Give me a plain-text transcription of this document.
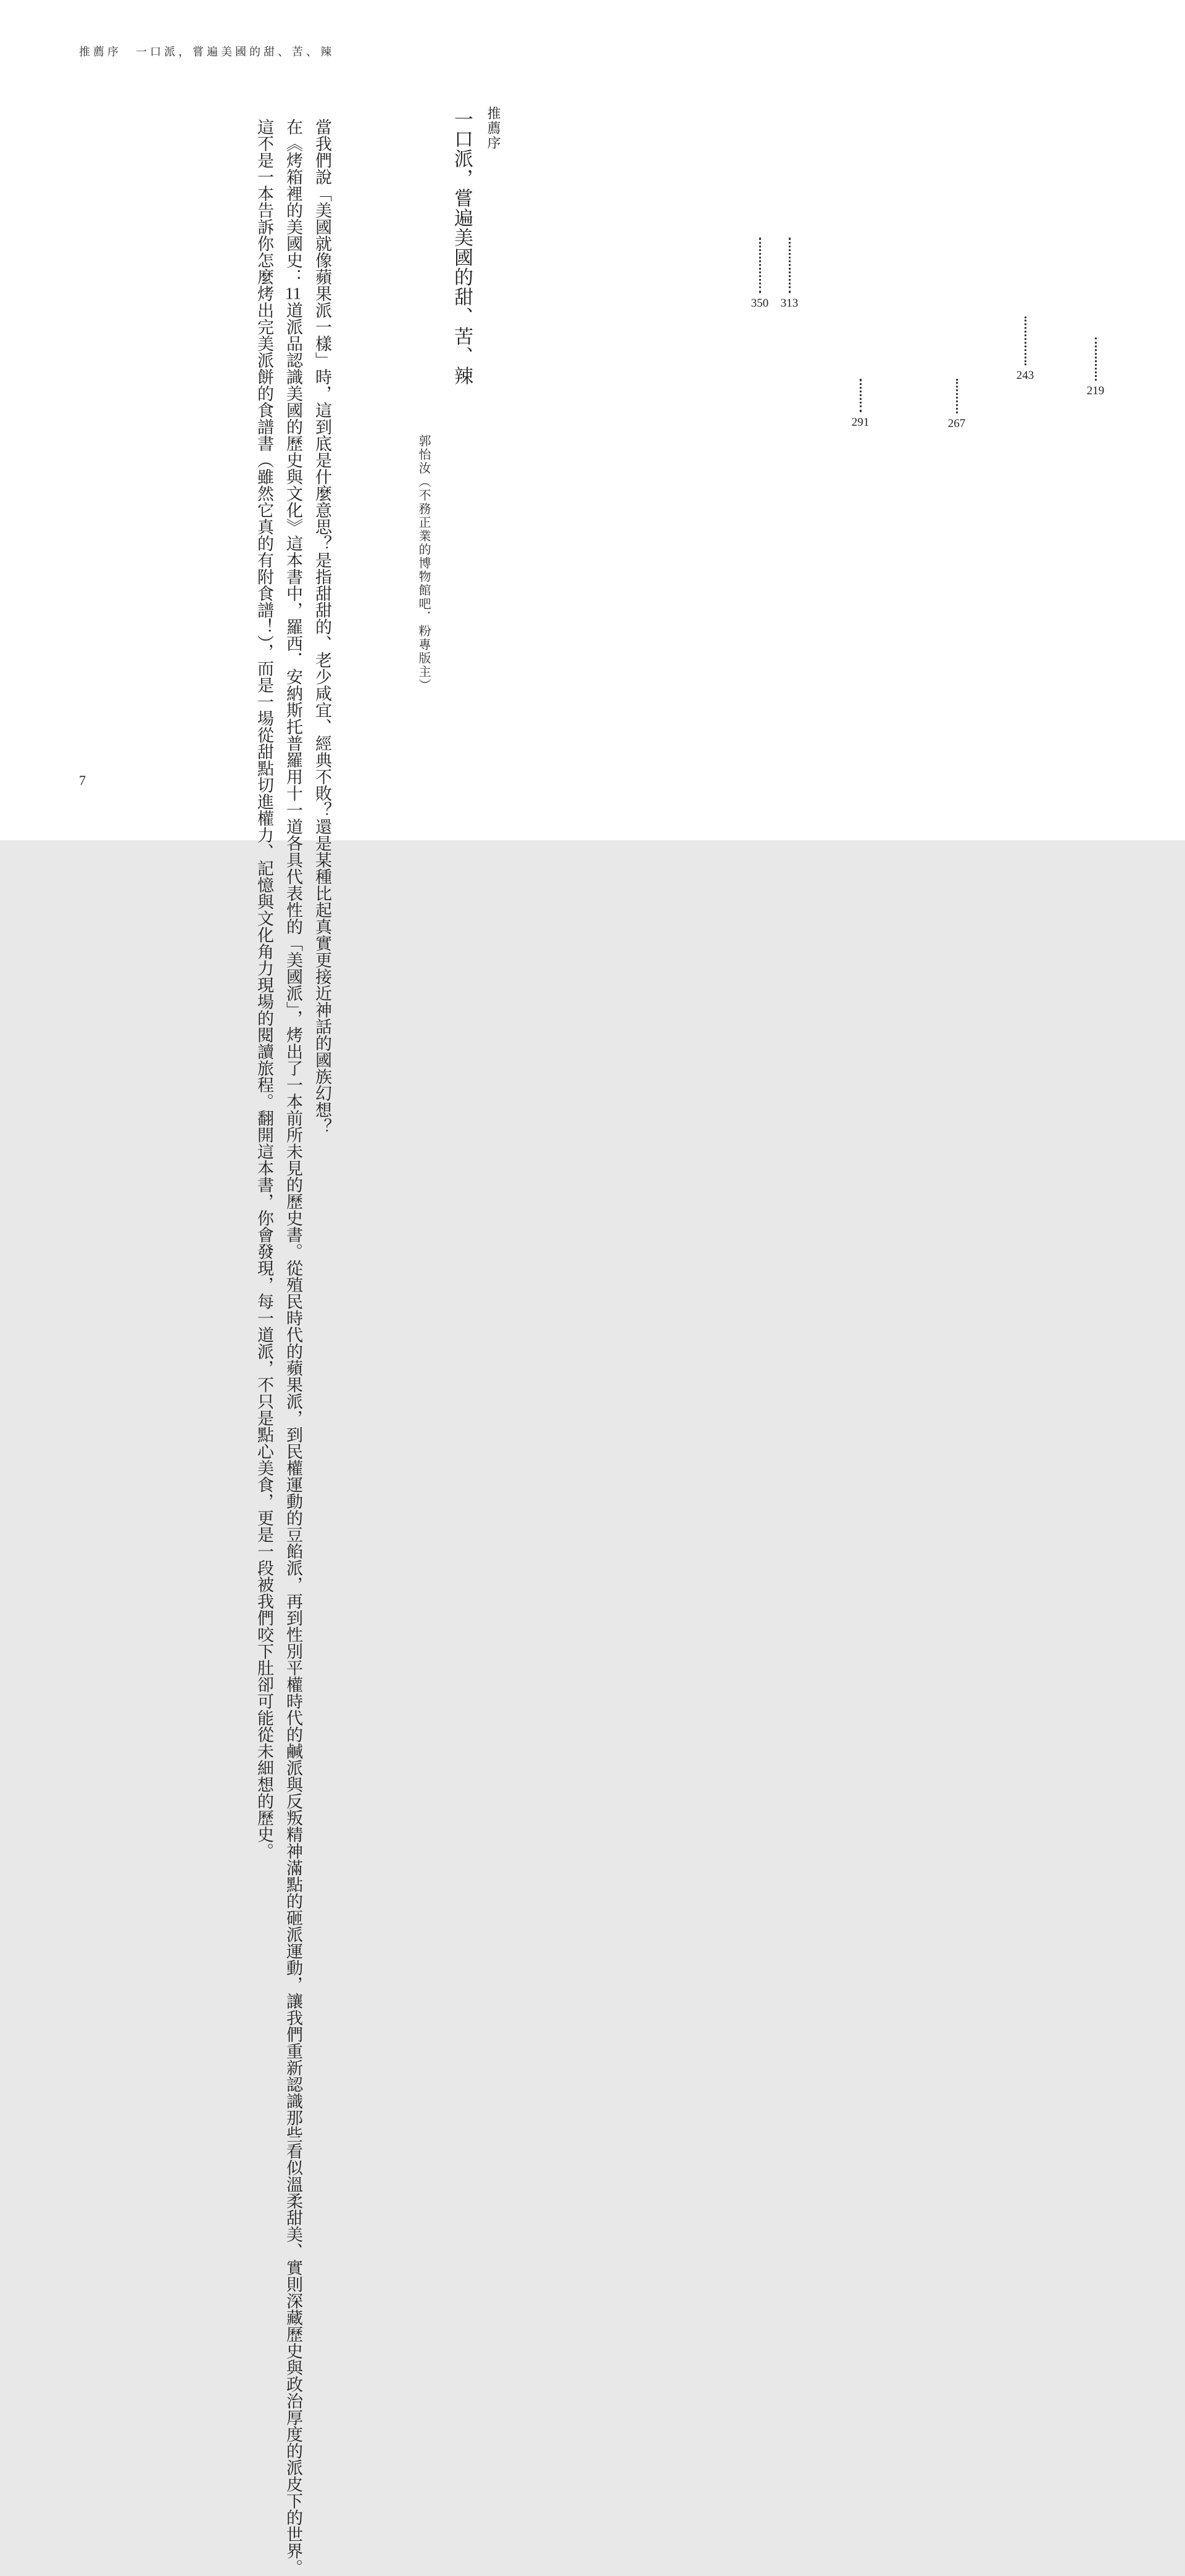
推薦序　一口派，嘗遍美國的甜、苦、辣
推薦序
一口派，嘗遍美國的甜、苦、辣
郭怡汝（不務正業的博物館吧．粉專版主）

當我們說「美國就像蘋果派一樣」時，這到底是什麼意思？是指甜甜的、老少咸宜、經典不敗？還是某種比起真實更接近神話的國族幻想？

在《烤箱裡的美國史：11道派品認識美國的歷史與文化》這本書中，羅西．安納斯托普羅用十一道各具代表性的「美國派」，烤出了一本前所未見的歷史書。從殖民時代的蘋果派，到民權運動的豆餡派，再到性別平權時代的鹹派與反叛精神滿點的砸派運動，讓我們重新認識那些看似溫柔甜美、實則深藏歷史與政治厚度的派皮下的世界。

這不是一本告訴你怎麼烤出完美派餅的食譜書（雖然它真的有附食譜！），而是一場從甜點切進權力、記憶與文化角力現場的閱讀旅程。翻開這本書，你會發現，每一道派，不只是點心美食，更是一段被我們咬下肚卻可能從未細想的歷史。	219
243
267
291
313
350
7
